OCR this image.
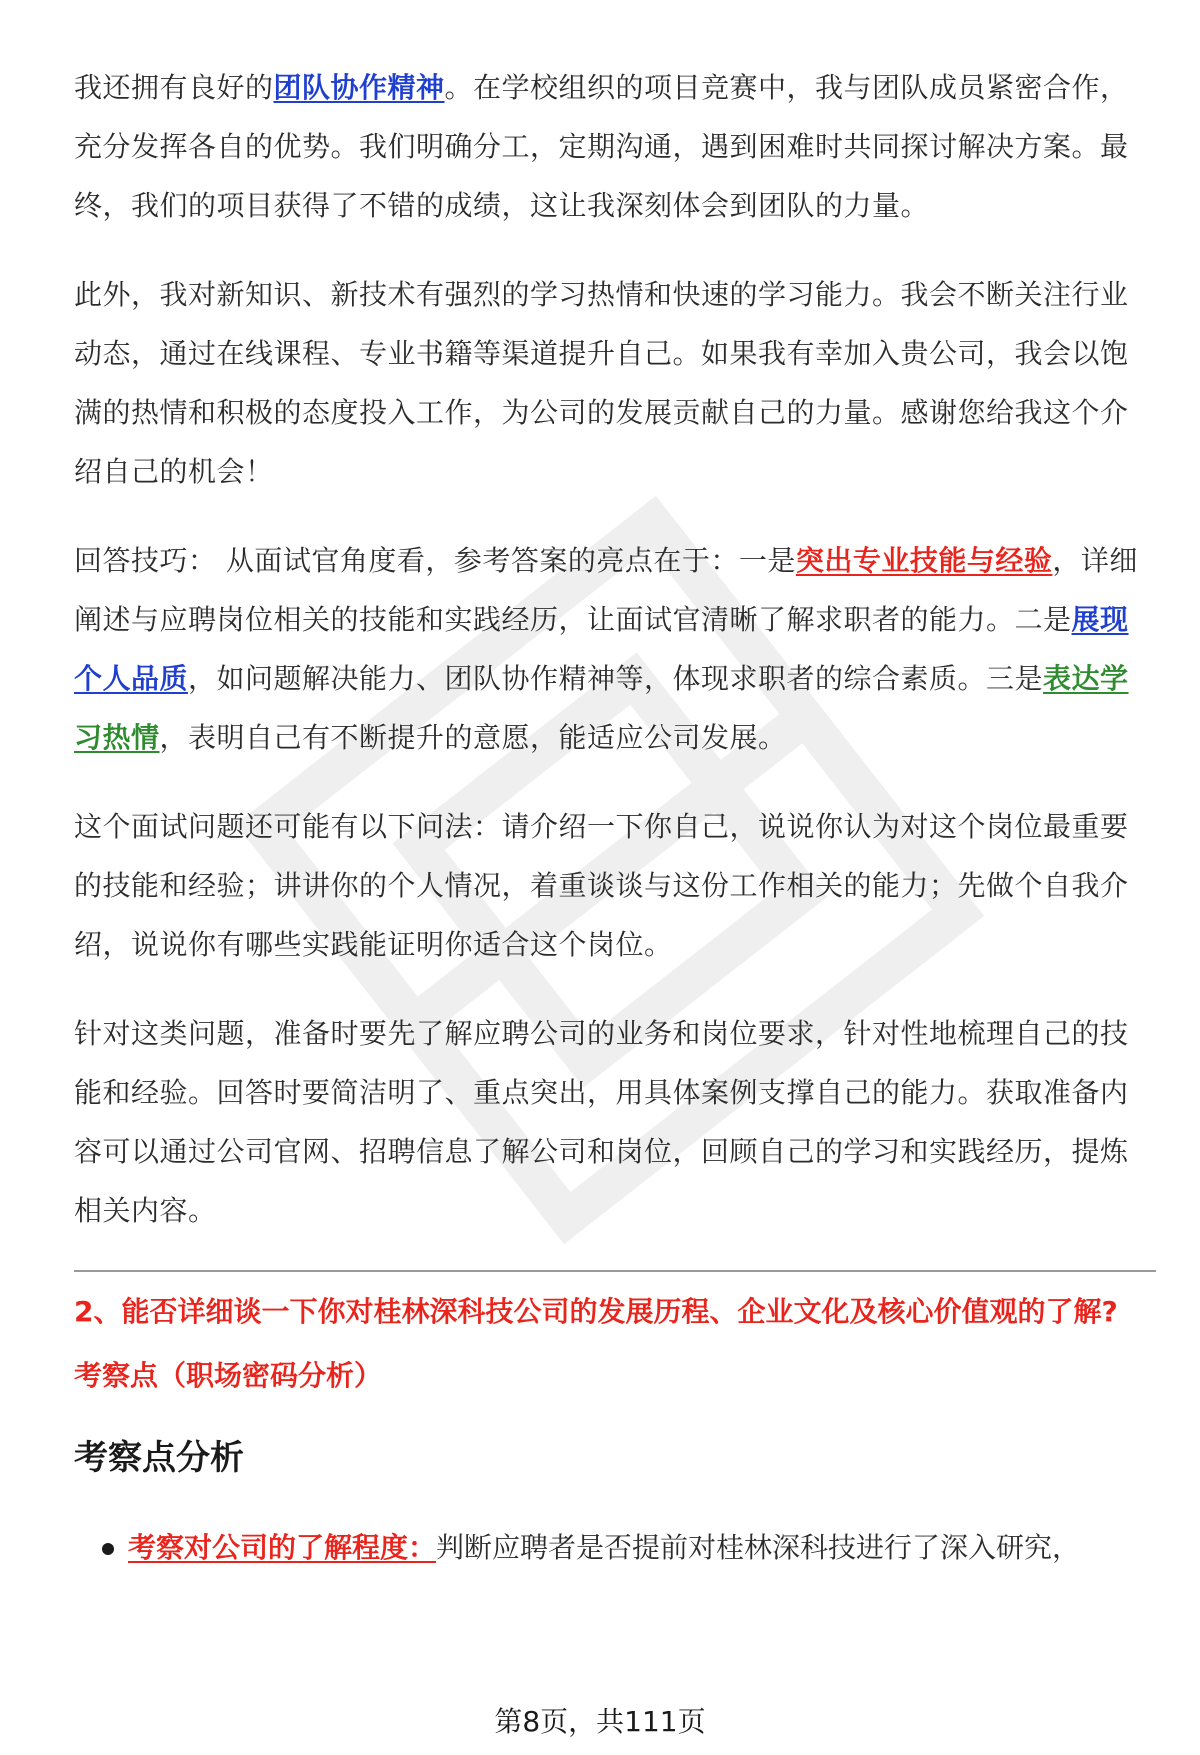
我还拥有良好的团队协作精神。在学校组织的项目竞赛中，我与团队成员紧密合作，充分发挥各自的优势。我们明确分工，定期沟通，遇到困难时共同探讨解决方案。最终，我们的项目获得了不错的成绩，这让我深刻体会到团队的力量。

此外，我对新知识、新技术有强烈的学习热情和快速的学习能力。我会不断关注行业动态，通过在线课程、专业书籍等渠道提升自己。如果我有幸加入贵公司，我会以饱满的热情和积极的态度投入工作，为公司的发展贡献自己的力量。感谢您给我这个介绍自己的机会！

回答技巧： 从面试官角度看，参考答案的亮点在于：一是突出专业技能与经验，详细阐述与应聘岗位相关的技能和实践经历，让面试官清晰了解求职者的能力。二是展现个人品质，如问题解决能力、团队协作精神等，体现求职者的综合素质。三是表达学习热情，表明自己有不断提升的意愿，能适应公司发展。

这个面试问题还可能有以下问法：请介绍一下你自己，说说你认为对这个岗位最重要的技能和经验；讲讲你的个人情况，着重谈谈与这份工作相关的能力；先做个自我介绍，说说你有哪些实践能证明你适合这个岗位。

针对这类问题，准备时要先了解应聘公司的业务和岗位要求，针对性地梳理自己的技能和经验。回答时要简洁明了、重点突出，用具体案例支撑自己的能力。获取准备内容可以通过公司官网、招聘信息了解公司和岗位，回顾自己的学习和实践经历，提炼相关内容。

2、能否详细谈一下你对桂林深科技公司的发展历程、企业文化及核心价值观的了解?
考察点（职场密码分析）
考察点分析
考察对公司的了解程度：判断应聘者是否提前对桂林深科技进行了深入研究，
第8页，共111页
